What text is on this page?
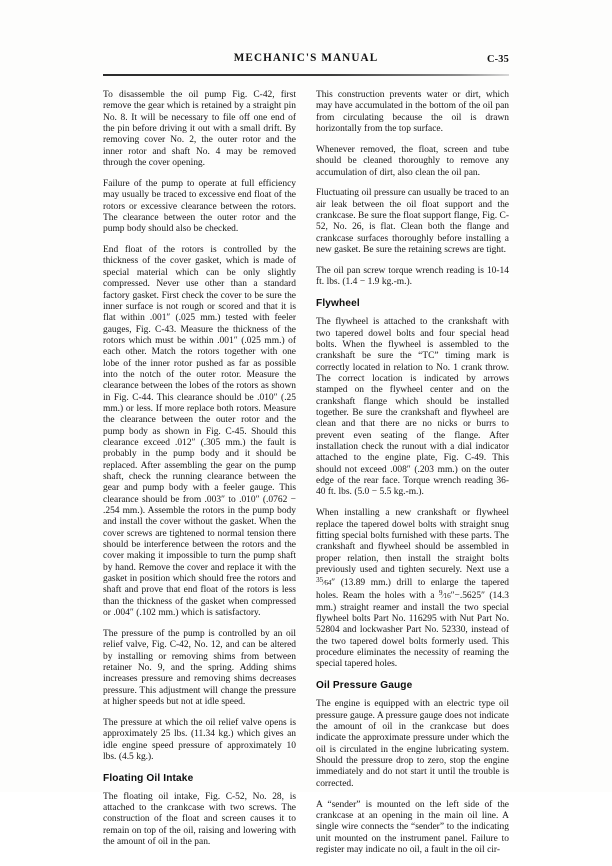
MECHANIC'S MANUAL	C-35

To disassemble the oil pump Fig. C-42, first remove the gear which is retained by a straight pin No. 8. It will be necessary to file off one end of the pin before driving it out with a small drift. By removing cover No. 2, the outer rotor and the inner rotor and shaft No. 4 may be removed through the cover opening.

Failure of the pump to operate at full efficiency may usually be traced to excessive end float of the rotors or excessive clearance between the rotors. The clearance between the outer rotor and the pump body should also be checked.

End float of the rotors is controlled by the thickness of the cover gasket, which is made of special material which can be only slightly compressed. Never use other than a standard factory gasket. First check the cover to be sure the inner surface is not rough or scored and that it is flat within .001″ (.025 mm.) tested with feeler gauges, Fig. C-43. Measure the thickness of the rotors which must be within .001″ (.025 mm.) of each other. Match the rotors together with one lobe of the inner rotor pushed as far as possible into the notch of the outer rotor. Measure the clearance between the lobes of the rotors as shown in Fig. C-44. This clearance should be .010″ (.25 mm.) or less. If more replace both rotors. Measure the clearance between the outer rotor and the pump body as shown in Fig. C-45. Should this clearance exceed .012″ (.305 mm.) the fault is probably in the pump body and it should be replaced. After assembling the gear on the pump shaft, check the running clearance between the gear and pump body with a feeler gauge. This clearance should be from .003″ to .010″ (.0762 − .254 mm.). Assemble the rotors in the pump body and install the cover without the gasket. When the cover screws are tightened to normal tension there should be interference between the rotors and the cover making it impossible to turn the pump shaft by hand. Remove the cover and replace it with the gasket in position which should free the rotors and shaft and prove that end float of the rotors is less than the thickness of the gasket when compressed or .004″ (.102 mm.) which is satisfactory.

The pressure of the pump is controlled by an oil relief valve, Fig. C-42, No. 12, and can be altered by installing or removing shims from between retainer No. 9, and the spring. Adding shims increases pressure and removing shims decreases pressure. This adjustment will change the pressure at higher speeds but not at idle speed.

The pressure at which the oil relief valve opens is approximately 25 lbs. (11.34 kg.) which gives an idle engine speed pressure of approximately 10 lbs. (4.5 kg.).

Floating Oil Intake

The floating oil intake, Fig. C-52, No. 28, is attached to the crankcase with two screws. The construction of the float and screen causes it to remain on top of the oil, raising and lowering with the amount of oil in the pan.

This construction prevents water or dirt, which may have accumulated in the bottom of the oil pan from circulating because the oil is drawn horizontally from the top surface.

Whenever removed, the float, screen and tube should be cleaned thoroughly to remove any accumulation of dirt, also clean the oil pan.

Fluctuating oil pressure can usually be traced to an air leak between the oil float support and the crankcase. Be sure the float support flange, Fig. C-52, No. 26, is flat. Clean both the flange and crankcase surfaces thoroughly before installing a new gasket. Be sure the retaining screws are tight.

The oil pan screw torque wrench reading is 10-14 ft. lbs. (1.4 − 1.9 kg.-m.).

Flywheel

The flywheel is attached to the crankshaft with two tapered dowel bolts and four special head bolts. When the flywheel is assembled to the crankshaft be sure the “TC” timing mark is correctly located in relation to No. 1 crank throw. The correct location is indicated by arrows stamped on the flywheel center and on the crankshaft flange which should be installed together. Be sure the crankshaft and flywheel are clean and that there are no nicks or burrs to prevent even seating of the flange. After installation check the runout with a dial indicator attached to the engine plate, Fig. C-49. This should not exceed .008″ (.203 mm.) on the outer edge of the rear face. Torque wrench reading 36-40 ft. lbs. (5.0 − 5.5 kg.-m.).

When installing a new crankshaft or flywheel replace the tapered dowel bolts with straight snug fitting special bolts furnished with these parts. The crankshaft and flywheel should be assembled in proper relation, then install the straight bolts previously used and tighten securely. Next use a $^{35}⁄_{64}''$ (13.89 mm.) drill to enlarge the tapered holes. Ream the holes with a $^9⁄_{16}''-.5625''$ (14.3 mm.) straight reamer and install the two special flywheel bolts Part No. 116295 with Nut Part No. 52804 and lockwasher Part No. 52330, instead of the two tapered dowel bolts formerly used. This procedure eliminates the necessity of reaming the special tapered holes.

Oil Pressure Gauge

The engine is equipped with an electric type oil pressure gauge. A pressure gauge does not indicate the amount of oil in the crankcase but does indicate the approximate pressure under which the oil is circulated in the engine lubricating system. Should the pressure drop to zero, stop the engine immediately and do not start it until the trouble is corrected.

A “sender” is mounted on the left side of the crankcase at an opening in the main oil line. A single wire connects the “sender” to the indicating unit mounted on the instrument panel. Failure to register may indicate no oil, a fault in the oil cir-
